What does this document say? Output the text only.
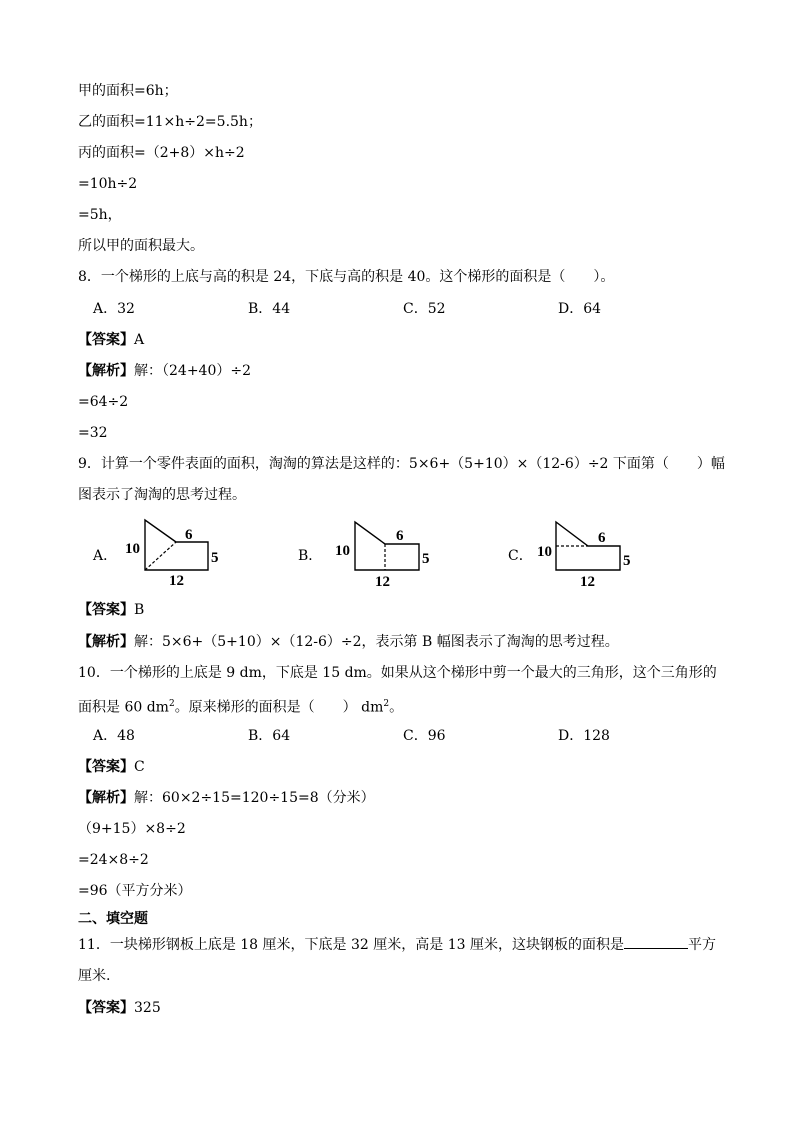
甲的面积=6h；
乙的面积=11×h÷2=5.5h；
丙的面积=（2+8）×h÷2
=10h÷2
=5h，
所以甲的面积最大。
8．一个梯形的上底与高的积是 24，下底与高的积是 40。这个梯形的面积是（　　）。
A．32	B．44	C．52	D．64
【答案】A
【解析】解：（24+40）÷2
=64÷2
=32
9．计算一个零件表面的面积，淘淘的算法是这样的：5×6+（5+10）×（12-6）÷2 下面第（　　）幅
图表示了淘淘的思考过程。
A． 10
6
5
12
B． 10
6
5
12
C． 10
6
5
12
【答案】B
【解析】解：5×6+（5+10）×（12-6）÷2，表示第 B 幅图表示了淘淘的思考过程。
10．一个梯形的上底是 9 dm，下底是 15 dm。如果从这个梯形中剪一个最大的三角形，这个三角形的
面积是 60 $dm^2$。原来梯形的面积是（　　） $dm^2$。
A．48	B．64	C．96	D．128
【答案】C
【解析】解：60×2÷15=120÷15=8（分米）
（9+15）×8÷2
=24×8÷2
=96（平方分米）
二、填空题
11．一块梯形钢板上底是 18 厘米，下底是 32 厘米，高是 13 厘米，这块钢板的面积是	平方
厘米.
【答案】325
